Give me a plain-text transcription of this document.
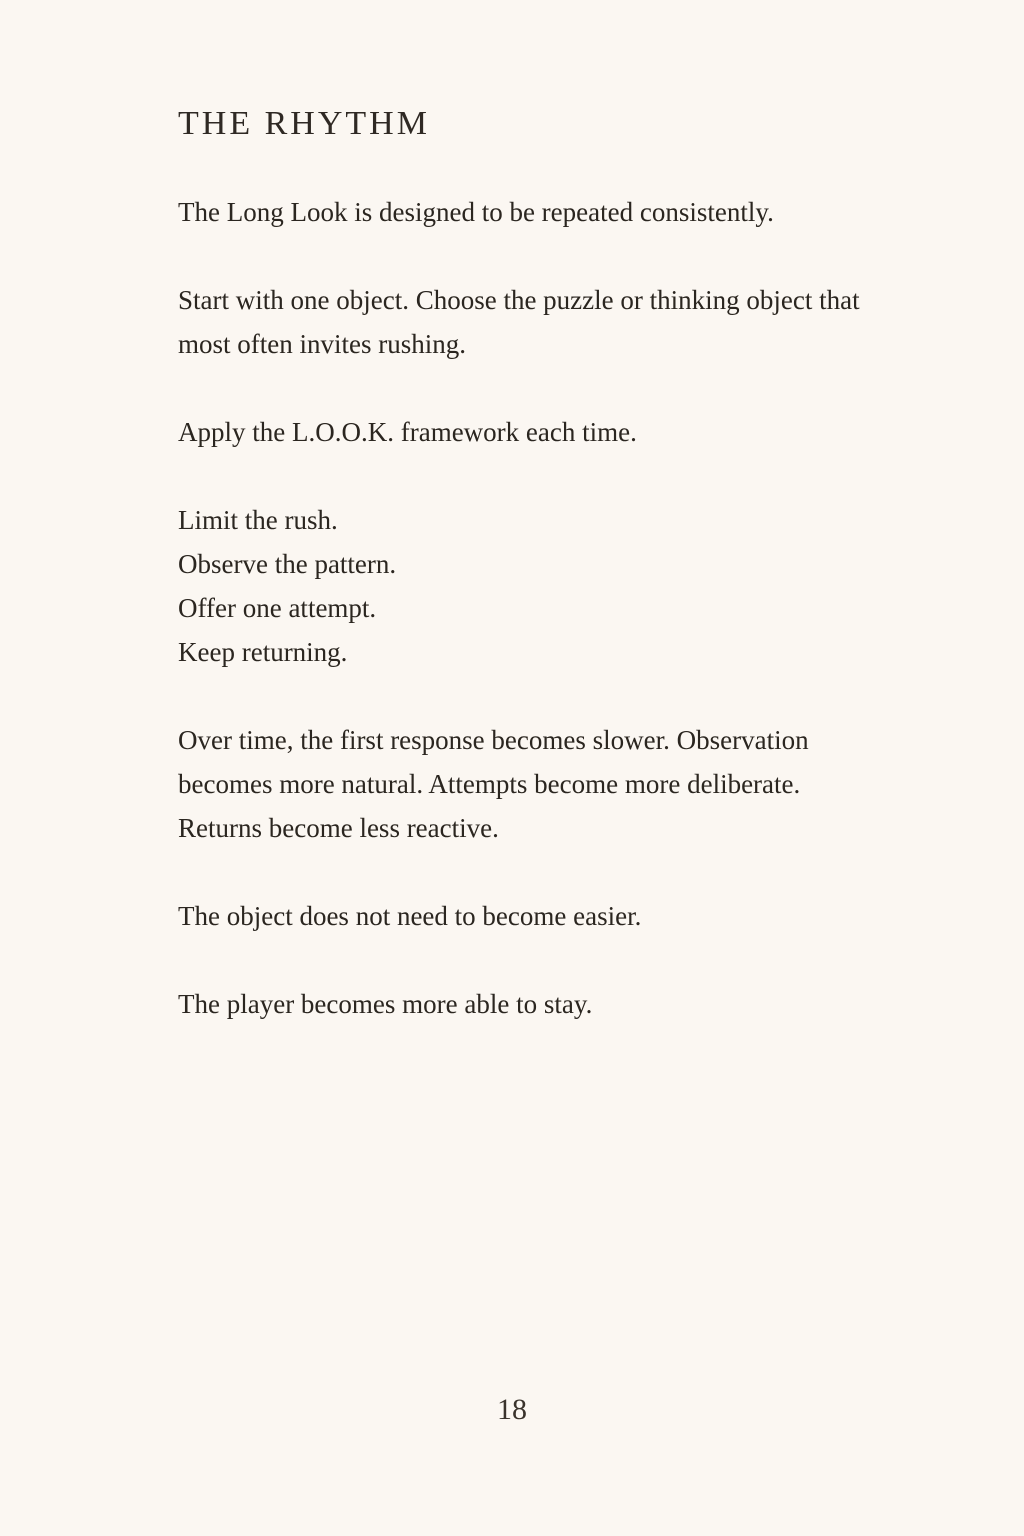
THE RHYTHM

The Long Look is designed to be repeated consistently.

Start with one object. Choose the puzzle or thinking object that most often invites rushing.

Apply the L.O.O.K. framework each time.

Limit the rush.
Observe the pattern.
Offer one attempt.
Keep returning.

Over time, the first response becomes slower. Observation becomes more natural. Attempts become more deliberate. Returns become less reactive.

The object does not need to become easier.

The player becomes more able to stay.

18
